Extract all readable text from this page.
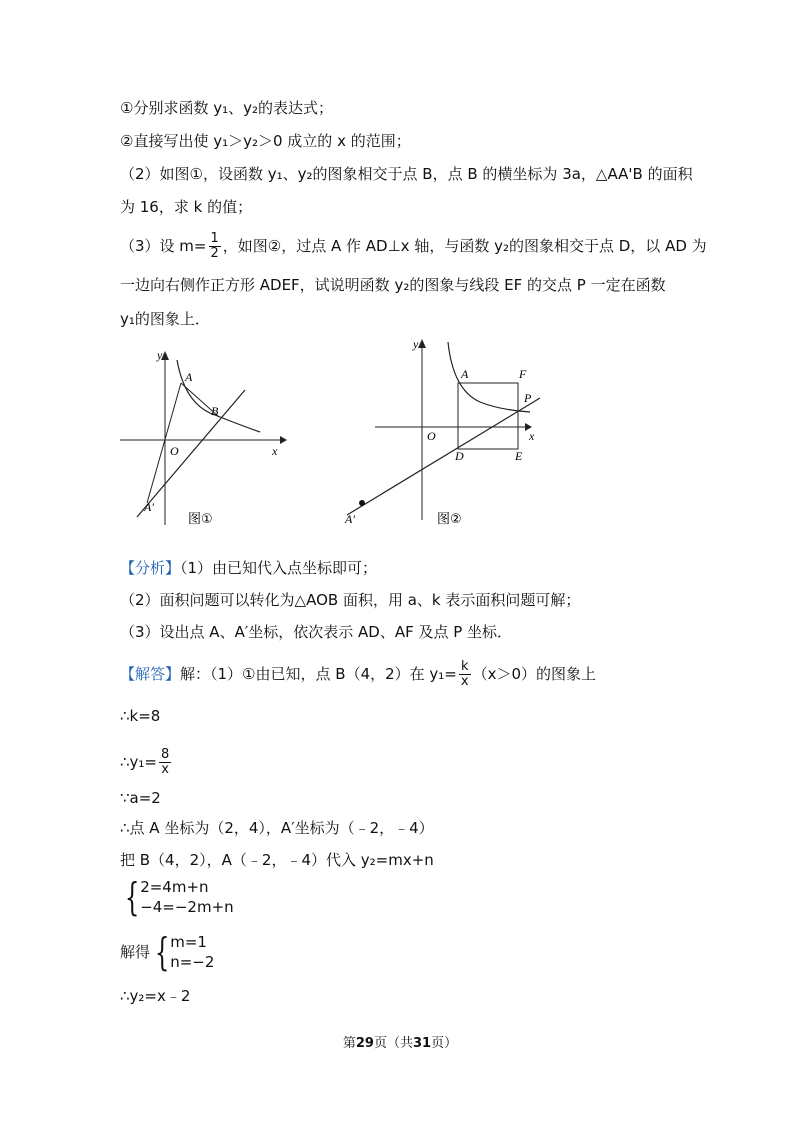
①分别求函数 y₁、y₂的表达式；
②直接写出使 y₁＞y₂＞0 成立的 x 的范围；
（2）如图①，设函数 y₁、y₂的图象相交于点 B，点 B 的横坐标为 3a，△AA'B 的面积
为 16，求 k 的值；
（3）设 $m= \frac{1}{2}$ ，如图②，过点 A 作 AD⊥x 轴，与函数 y₂的图象相交于点 D，以 AD 为
一边向右侧作正方形 ADEF，试说明函数 y₂的图象与线段 EF 的交点 P 一定在函数
y₁的图象上．
y
x
O
A
B
A′
图①
y
x
O
A	F
P
D	E
A′	图②
【分析】（1）由已知代入点坐标即可；
（2）面积问题可以转化为△AOB 面积，用 a、k 表示面积问题可解；
（3）设出点 A、A′坐标，依次表示 AD、AF 及点 P 坐标．
【解答】解：（1）①由已知，点 B（4，2）在 $y_1= \frac{k}{x} (x>0)$的图象上
∴k=8
∴y₁= $\frac{8}{x}$
∵a=2
∴点 A 坐标为（2，4），A′坐标为（﹣2，﹣4）
把 B（4，2），A（﹣2，﹣4）代入 y₂=mx+n
{ 2=4m+n
−4=−2m+n
解得 { m=1
n=−2
∴y₂=x﹣2
第29页（共31页）
